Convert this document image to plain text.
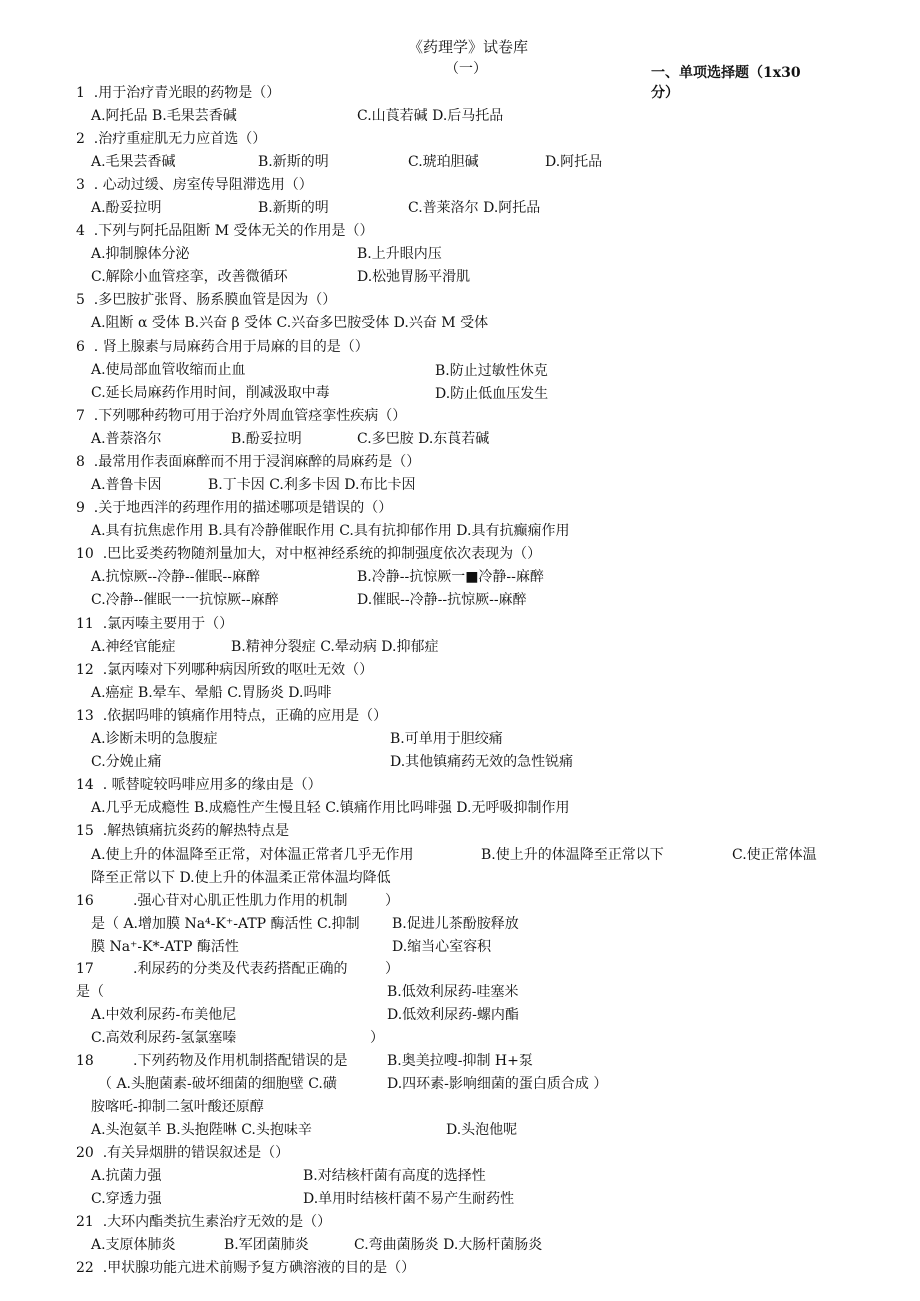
《药理学》试卷库
（一）	一、单项选择题（1x30
分）
1  .用于治疗青光眼的药物是（）
A.阿托品 B.毛果芸香碱	C.山莨若碱 D.后马托品
2  .治疗重症肌无力应首选（）
A.毛果芸香碱	B.新斯的明	C.琥珀胆碱	D.阿托品
3  . 心动过缓、房室传导阻滞选用（）
A.酚妥拉明	B.新斯的明	C.普莱洛尔 D.阿托品
4  .下列与阿托品阻断 M 受体无关的作用是（）
A.抑制腺体分泌	B.上升眼内压
C.解除小血管痉挛，改善微循环	D.松弛胃肠平滑肌
5  .多巴胺扩张肾、肠系膜血管是因为（）
A.阻断 α 受体 B.兴奋 β 受体 C.兴奋多巴胺受体 D.兴奋 M 受体
6  . 肾上腺素与局麻药合用于局麻的目的是（）
A.使局部血管收缩而止血	B.防止过敏性休克
C.延长局麻药作用时间，削减汲取中毒	D.防止低血压发生
7  .下列哪种药物可用于治疗外周血管痉挛性疾病（）
A.普萘洛尔	B.酚妥拉明	C.多巴胺 D.东莨若碱
8  .最常用作表面麻醉而不用于浸润麻醉的局麻药是（）
A.普鲁卡因	B.丁卡因 C.利多卡因 D.布比卡因
9  .关于地西泮的药理作用的描述哪项是错误的（）
A.具有抗焦虑作用 B.具有冷静催眠作用 C.具有抗抑郁作用 D.具有抗癫痫作用
10  .巴比妥类药物随剂量加大，对中枢神经系统的抑制强度依次表现为（）
A.抗惊厥--冷静--催眠--麻醉	B.冷静--抗惊厥一■冷静--麻醉
C.冷静--催眠一一抗惊厥--麻醉	D.催眠--冷静--抗惊厥--麻醉
11  .氯丙嗪主要用于（）
A.神经官能症	B.精神分裂症 C.晕动病 D.抑郁症
12  .氯丙嗪对下列哪种病因所致的呕吐无效（）
A.癌症 B.晕车、晕船 C.胃肠炎 D.吗啡
13  .依据吗啡的镇痛作用特点，正确的应用是（）
A.诊断未明的急腹症	B.可单用于胆绞痛
C.分娩止痛	D.其他镇痛药无效的急性锐痛
14  . 哌替啶较吗啡应用多的缘由是（）
A.几乎无成瘾性 B.成瘾性产生慢且轻 C.镇痛作用比吗啡强 D.无呼吸抑制作用
15  .解热镇痛抗炎药的解热特点是
A.使上升的体温降至正常，对体温正常者几乎无作用	B.使上升的体温降至正常以下	C.使正常体温
降至正常以下 D.使上升的体温柔正常体温均降低
16	.强心苷对心肌正性肌力作用的机制	）
是（ A.增加膜 Na⁴-K⁺-ATP 酶活性 C.抑制 B.促进儿茶酚胺释放
膜 Na⁺-K*-ATP 酶活性	D.缩当心室容积
17	.利尿药的分类及代表药搭配正确的	）
是（	B.低效利尿药-哇塞米
A.中效利尿药-布美他尼	D.低效利尿药-螺内酯
C.高效利尿药-氢氯塞嗪	）
18	.下列药物及作用机制搭配错误的是	B.奥美拉嗖-抑制 H+泵
（ A.头胞菌素-破坏细菌的细胞壁 C.磺	D.四环素-影响细菌的蛋白质合成 ）
胺喀吒-抑制二氢叶酸还原醇
A.头泡氨羊 B.头抱陛啉 C.头抱味辛	D.头泡他呢
20  .有关异烟肼的错误叙述是（）
A.抗菌力强	B.对结核杆菌有高度的选择性
C.穿透力强	D.单用时结核杆菌不易产生耐药性
21  .大环内酯类抗生素治疗无效的是（）
A.支原体肺炎	B.军团菌肺炎	C.弯曲菌肠炎 D.大肠杆菌肠炎
22  .甲状腺功能亢进术前赐予复方碘溶液的目的是（）
